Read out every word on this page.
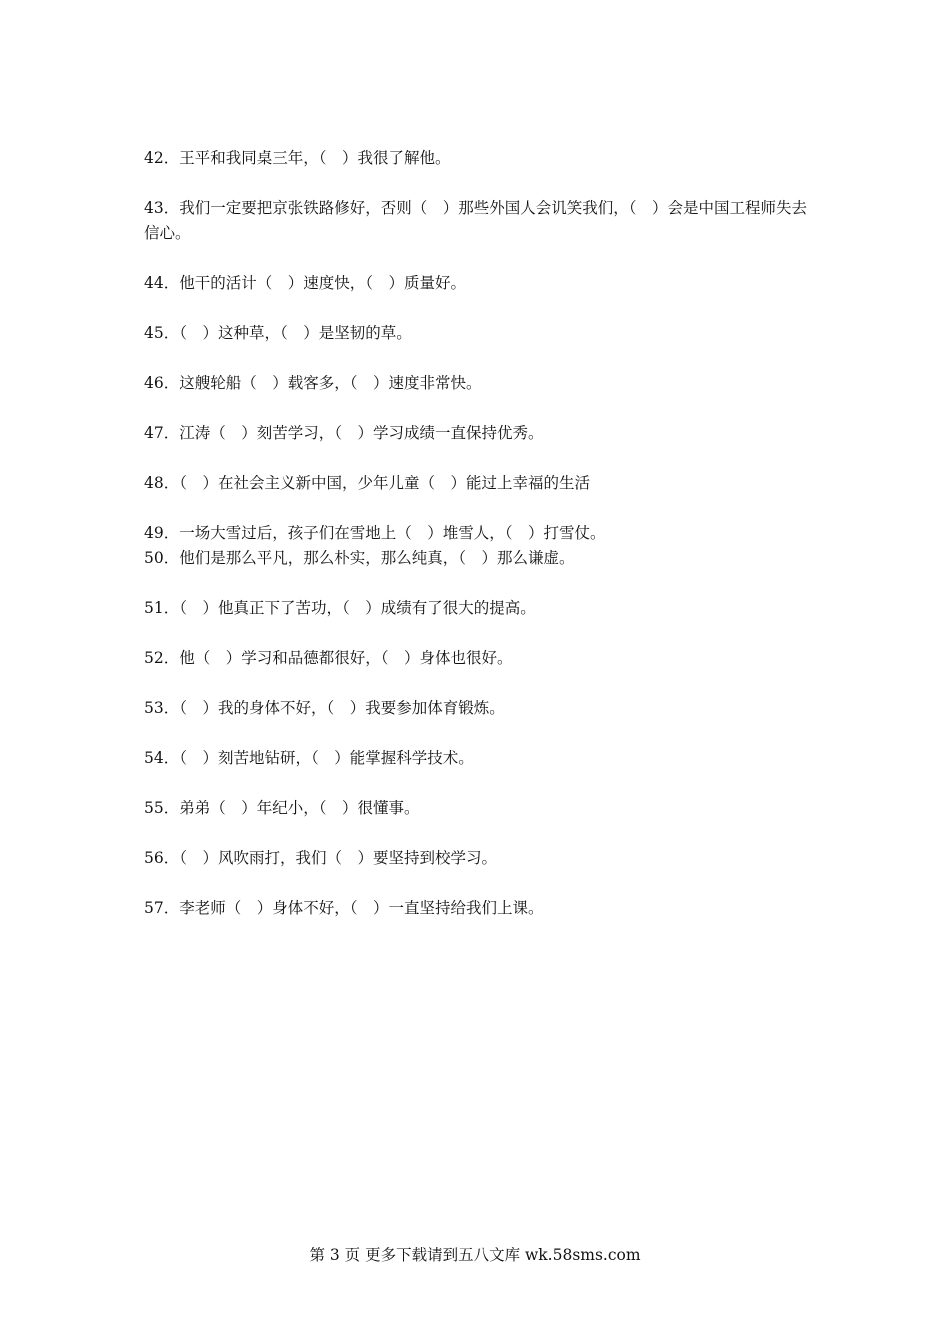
42．王平和我同桌三年，（　）我很了解他。

43．我们一定要把京张铁路修好，否则（　）那些外国人会讥笑我们，（　）会是中国工程师失去信心。

44．他干的活计（　）速度快，（　）质量好。

45．（　）这种草，（　）是坚韧的草。

46．这艘轮船（　）载客多，（　）速度非常快。

47．江涛（　）刻苦学习，（　）学习成绩一直保持优秀。

48．（　）在社会主义新中国，少年儿童（　）能过上幸福的生活

49．一场大雪过后，孩子们在雪地上（　）堆雪人，（　）打雪仗。

50．他们是那么平凡，那么朴实，那么纯真，（　）那么谦虚。

51．（　）他真正下了苦功，（　）成绩有了很大的提高。

52．他（　）学习和品德都很好，（　）身体也很好。

53．（　）我的身体不好，（　）我要参加体育锻炼。

54．（　）刻苦地钻研，（　）能掌握科学技术。

55．弟弟（　）年纪小，（　）很懂事。

56．（　）风吹雨打，我们（　）要坚持到校学习。

57．李老师（　）身体不好，（　）一直坚持给我们上课。

第 3 页 更多下载请到五八文库 wk.58sms.com
